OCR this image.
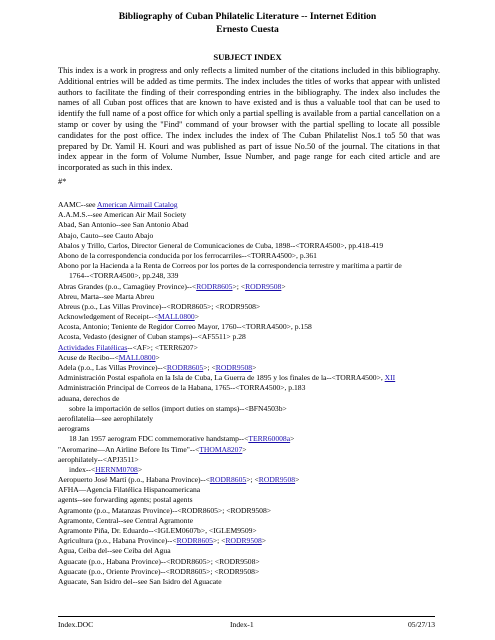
Bibliography of Cuban Philatelic Literature -- Internet Edition
Ernesto Cuesta
SUBJECT INDEX

This index is a work in progress and only reflects a limited number of the citations included in this bibliography. Additional entries will be added as time permits. The index includes the titles of works that appear with unlisted authors to facilitate the finding of their corresponding entries in the bibliography. The index also includes the names of all Cuban post offices that are known to have existed and is thus a valuable tool that can be used to identify the full name of a post office for which only a partial spelling is available from a partial cancellation on a stamp or cover by using the "Find" command of your browser with the partial spelling to locate all possible candidates for the post office. The index includes the index of The Cuban Philatelist Nos.1 to5 50 that was prepared by Dr. Yamil H. Kouri and was published as part of issue No.50 of the journal. The citations in that index appear in the form of Volume Number, Issue Number, and page range for each cited article and are incorporated as such in this index.

#*
AAMC--see American Airmail Catalog
A.A.M.S.--see American Air Mail Society
Abad, San Antonio--see San Antonio Abad
Abajo, Cauto--see Cauto Abajo
Abalos y Trillo, Carlos, Director General de Comunicaciones de Cuba, 1898--<TORRA4500>, pp.418-419
Abono de la correspondencia conducida por los ferrocarriles--<TORRA4500>, p.361
Abono por la Hacienda a la Renta de Correos por los portes de la correspondencia terrestre y marítima a partir de
1764--<TORRA4500>, pp.248, 339
Abras Grandes (p.o., Camagüey Province)--<RODR8605>; <RODR9508>
Abreu, Marta--see Marta Abreu
Abreus (p.o., Las Villas Province)--<RODR8605>; <RODR9508>
Acknowledgement of Receipt--<MALL0800>
Acosta, Antonio; Teniente de Regidor Correo Mayor, 1760--<TORRA4500>, p.158
Acosta, Vedasto (designer of Cuban stamps)--<AF5511> p.28
Actividades Filatélicas--<AF>; <TERR6207>
Acuse de Recibo--<MALL0800>
Adela (p.o., Las Villas Province)--<RODR8605>; <RODR9508>
Administración Postal española en la Isla de Cuba, La Guerra de 1895 y los finales de la--<TORRA4500>, XII
Administración Principal de Correos de la Habana, 1765--<TORRA4500>, p.183
aduana, derechos de
sobre la importación de sellos (import duties on stamps)--<BFN4503b>
aerofilatelia—see aerophilately
aerograms
18 Jan 1957 aerogram FDC commemorative handstamp--<TERR60008a>
"Aeromarine—An Airline Before Its Time"--<THOMA8207>
aerophilately--<APJ3511>
index--<HERNM0708>
Aeropuerto José Martí (p.o., Habana Province)--<RODR8605>; <RODR9508>
AFHA—Agencia Filatélica Hispanoamericana
agents--see forwarding agents; postal agents
Agramonte (p.o., Matanzas Province)--<RODR8605>; <RODR9508>
Agramonte, Central--see Central Agramonte
Agramonte Piña, Dr. Eduardo--<IGLEM0607b>, <IGLEM9509>
Agricultura (p.o., Habana Province)--<RODR8605>; <RODR9508>
Agua, Ceiba del--see Ceiba del Agua
Aguacate (p.o., Habana Province)--<RODR8605>; <RODR9508>
Aguacate (p.o., Oriente Province)--<RODR8605>; <RODR9508>
Aguacate, San Isidro del--see San Isidro del Aguacate
Index.DOC	Index-1	05/27/13
